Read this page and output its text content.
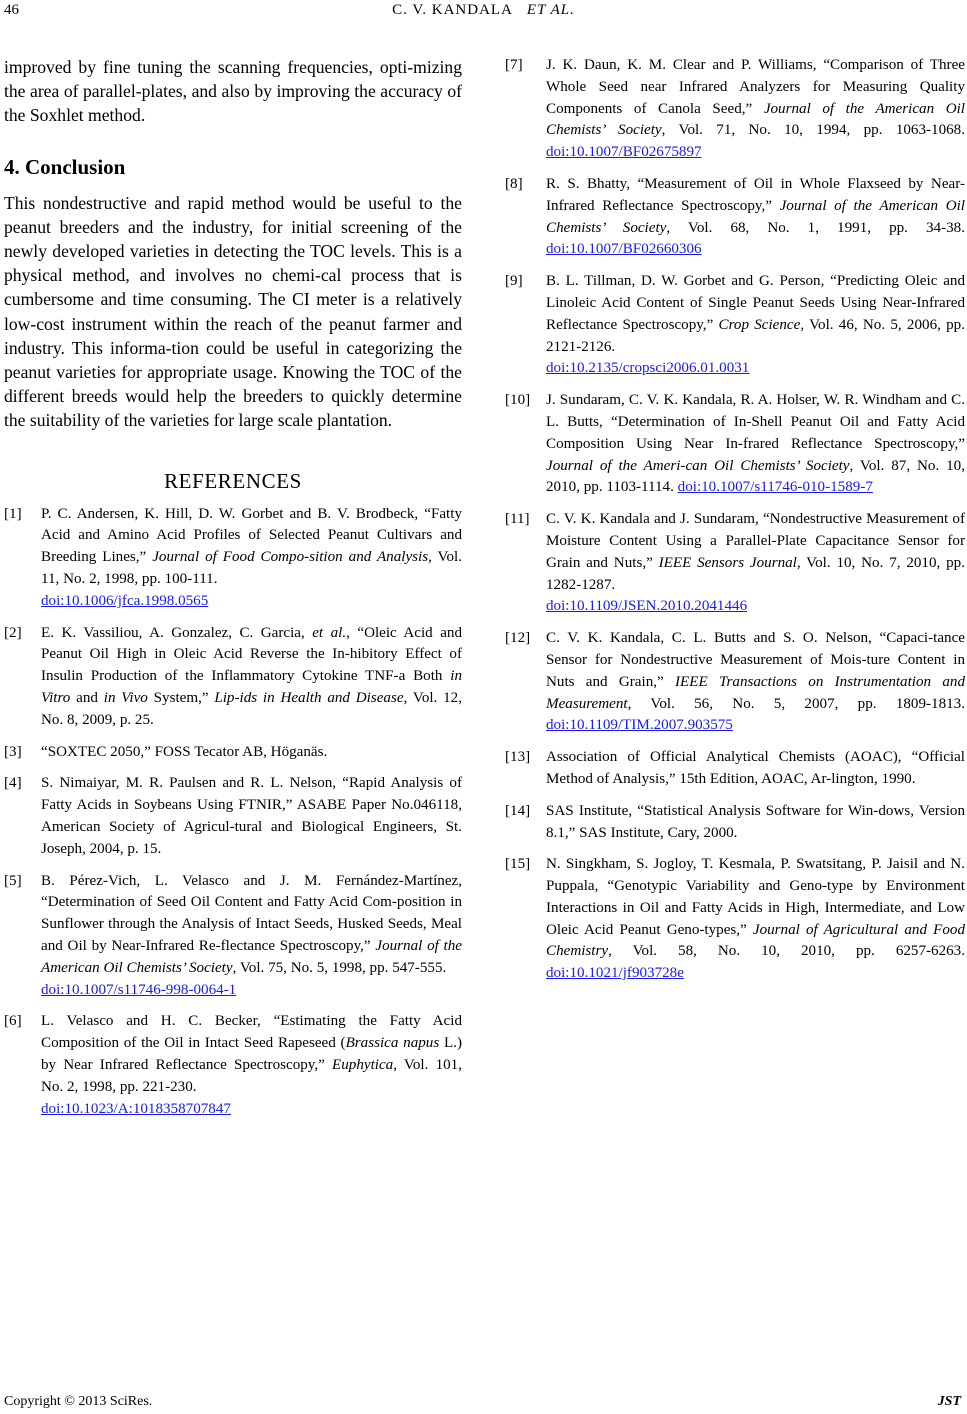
46	C. V. KANDALA ET AL.

improved by fine tuning the scanning frequencies, opti-mizing the area of parallel-plates, and also by improving the accuracy of the Soxhlet method.

4. Conclusion

This nondestructive and rapid method would be useful to the peanut breeders and the industry, for initial screening of the newly developed varieties in detecting the TOC levels. This is a physical method, and involves no chemi-cal process that is cumbersome and time consuming. The CI meter is a relatively low-cost instrument within the reach of the peanut farmer and industry. This informa-tion could be useful in categorizing the peanut varieties for appropriate usage. Knowing the TOC of the different breeds would help the breeders to quickly determine the suitability of the varieties for large scale plantation.

REFERENCES
[1] P. C. Andersen, K. Hill, D. W. Gorbet and B. V. Brodbeck, “Fatty Acid and Amino Acid Profiles of Selected Peanut Cultivars and Breeding Lines,” Journal of Food Compo-sition and Analysis, Vol. 11, No. 2, 1998, pp. 100-111.
doi:10.1006/jfca.1998.0565
[2] E. K. Vassiliou, A. Gonzalez, C. Garcia, et al., “Oleic Acid and Peanut Oil High in Oleic Acid Reverse the In-hibitory Effect of Insulin Production of the Inflammatory Cytokine TNF-a Both in Vitro and in Vivo System,” Lip-ids in Health and Disease, Vol. 12, No. 8, 2009, p. 25.
[3] “SOXTEC 2050,” FOSS Tecator AB, Höganäs.
[4] S. Nimaiyar, M. R. Paulsen and R. L. Nelson, “Rapid Analysis of Fatty Acids in Soybeans Using FTNIR,” ASABE Paper No.046118, American Society of Agricul-tural and Biological Engineers, St. Joseph, 2004, p. 15.
[5] B. Pérez-Vich, L. Velasco and J. M. Fernández-Martínez, “Determination of Seed Oil Content and Fatty Acid Com-position in Sunflower through the Analysis of Intact Seeds, Husked Seeds, Meal and Oil by Near-Infrared Re-flectance Spectroscopy,” Journal of the American Oil Chemists’ Society, Vol. 75, No. 5, 1998, pp. 547-555.
doi:10.1007/s11746-998-0064-1
[6] L. Velasco and H. C. Becker, “Estimating the Fatty Acid Composition of the Oil in Intact Seed Rapeseed (Brassica napus L.) by Near Infrared Reflectance Spectroscopy,” Euphytica, Vol. 101, No. 2, 1998, pp. 221-230.
doi:10.1023/A:1018358707847
[7] J. K. Daun, K. M. Clear and P. Williams, “Comparison of Three Whole Seed near Infrared Analyzers for Measuring Quality Components of Canola Seed,” Journal of the American Oil Chemists’ Society, Vol. 71, No. 10, 1994, pp. 1063-1068. doi:10.1007/BF02675897
[8] R. S. Bhatty, “Measurement of Oil in Whole Flaxseed by Near-Infrared Reflectance Spectroscopy,” Journal of the American Oil Chemists’ Society, Vol. 68, No. 1, 1991, pp. 34-38. doi:10.1007/BF02660306
[9] B. L. Tillman, D. W. Gorbet and G. Person, “Predicting Oleic and Linoleic Acid Content of Single Peanut Seeds Using Near-Infrared Reflectance Spectroscopy,” Crop Science, Vol. 46, No. 5, 2006, pp. 2121-2126.
doi:10.2135/cropsci2006.01.0031
[10] J. Sundaram, C. V. K. Kandala, R. A. Holser, W. R. Windham and C. L. Butts, “Determination of In-Shell Peanut Oil and Fatty Acid Composition Using Near In-frared Reflectance Spectroscopy,” Journal of the Ameri-can Oil Chemists’ Society, Vol. 87, No. 10, 2010, pp. 1103-1114. doi:10.1007/s11746-010-1589-7
[11] C. V. K. Kandala and J. Sundaram, “Nondestructive Measurement of Moisture Content Using a Parallel-Plate Capacitance Sensor for Grain and Nuts,” IEEE Sensors Journal, Vol. 10, No. 7, 2010, pp. 1282-1287.
doi:10.1109/JSEN.2010.2041446
[12] C. V. K. Kandala, C. L. Butts and S. O. Nelson, “Capaci-tance Sensor for Nondestructive Measurement of Mois-ture Content in Nuts and Grain,” IEEE Transactions on Instrumentation and Measurement, Vol. 56, No. 5, 2007, pp. 1809-1813. doi:10.1109/TIM.2007.903575
[13] Association of Official Analytical Chemists (AOAC), “Official Method of Analysis,” 15th Edition, AOAC, Ar-lington, 1990.
[14] SAS Institute, “Statistical Analysis Software for Win-dows, Version 8.1,” SAS Institute, Cary, 2000.
[15] N. Singkham, S. Jogloy, T. Kesmala, P. Swatsitang, P. Jaisil and N. Puppala, “Genotypic Variability and Geno-type by Environment Interactions in Oil and Fatty Acids in High, Intermediate, and Low Oleic Acid Peanut Geno-types,” Journal of Agricultural and Food Chemistry, Vol. 58, No. 10, 2010, pp. 6257-6263. doi:10.1021/jf903728e
Copyright © 2013 SciRes.	JST
